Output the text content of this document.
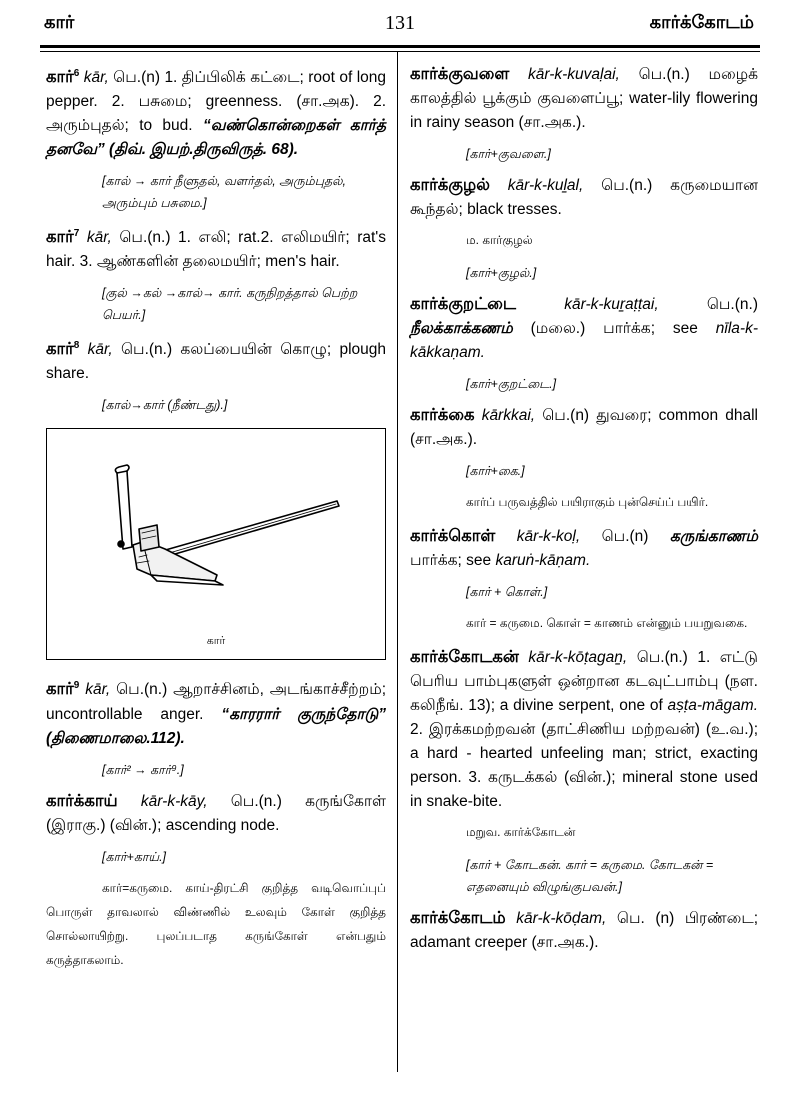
கார்	131	கார்க்கோடம்

கார்$^6$ kār, பெ.(n) 1. திப்பிலிக் கட்டை; root of long pepper. 2. பசுமை; greenness. (சா.அக). 2. அரும்புதல்; to bud. “வண்கொன்றைகள் கார்த் தனவே” (திவ். இயற்.திருவிருத். 68).

[கால் → கார் நீளுதல், வளர்தல், அரும்புதல், அரும்பும் பசுமை.]

கார்$^7$ kār, பெ.(n.) 1. எலி; rat.2. எலிமயிர்; rat's hair. 3. ஆண்களின் தலைமயிர்; men's hair.

[குல் →கல் →கால்→ கார். கருநிறத்தால் பெற்ற பெயர்.]

கார்$^8$ kār, பெ.(n.) கலப்பையின் கொழு; plough share.

[கால்→கார் (நீண்டது).]

கார்

கார்$^9$ kār, பெ.(n.) ஆறாச்சினம், அடங்காச்சீற்றம்; uncontrollable anger. “காரரார் குருந்தோடு” (திணைமாலை.112).

[கார்² → கார்⁹.]

கார்க்காய் kār-k-kāy, பெ.(n.) கருங்கோள் (இராகு.) (வின்.); ascending node.

[கார்+காய்.]

கார்=கருமை. காய்-திரட்சி குறித்த வடிவொப்புப் பொருள் தாவலால் விண்ணில் உலவும் கோள் குறித்த சொல்லாயிற்று. புலப்படாத கருங்கோள் என்பதும் கருத்தாகலாம்.

கார்க்குவளை kār-k-kuvaḷai, பெ.(n.) மழைக் காலத்தில் பூக்கும் குவளைப்பூ; water-lily flowering in rainy season (சா.அக.).

[கார்+குவளை.]

கார்க்குழல் kār-k-kuḻal, பெ.(n.) கருமையான கூந்தல்; black tresses.

ம. கார்குழல்

[கார்+குழல்.]

கார்க்குறட்டை	kār-k-kuṟaṭṭai, பெ.(n.) நீலக்காக்கணம் (மலை.) பார்க்க; see nīla-k-kākkaṇam.

[கார்+குறட்டை.]

கார்க்கை kārkkai, பெ.(n) துவரை; common dhall (சா.அக.).

[கார்+கை.]

கார்ப் பருவத்தில் பயிராகும் புன்செய்ப் பயிர்.

கார்க்கொள் kār-k-koḷ, பெ.(n) கருங்காணம் பார்க்க; see karuṅ-kāṇam.

[கார் + கொள்.]

கார் = கருமை. கொள் = காணம் என்னும் பயறுவகை.

கார்க்கோடகன் kār-k-kōṭagaṉ, பெ.(n.) 1. எட்டு பெரிய பாம்புகளுள் ஒன்றான கடவுட்பாம்பு (நள. கலிநீங். 13); a divine serpent, one of aṣṭa-māgam. 2. இரக்கமற்றவன் (தாட்சிணிய மற்றவன்) (உ.வ.); a hard - hearted unfeeling man; strict, exacting person. 3. கருடக்கல் (வின்.); mineral stone used in snake-bite.

மறுவ. கார்க்கோடன்

[கார் + கோடகன். கார் = கருமை. கோடகன் = எதனையும் விழுங்குபவன்.]

கார்க்கோடம் kār-k-kōḍam, பெ. (n) பிரண்டை; adamant creeper (சா.அக.).
